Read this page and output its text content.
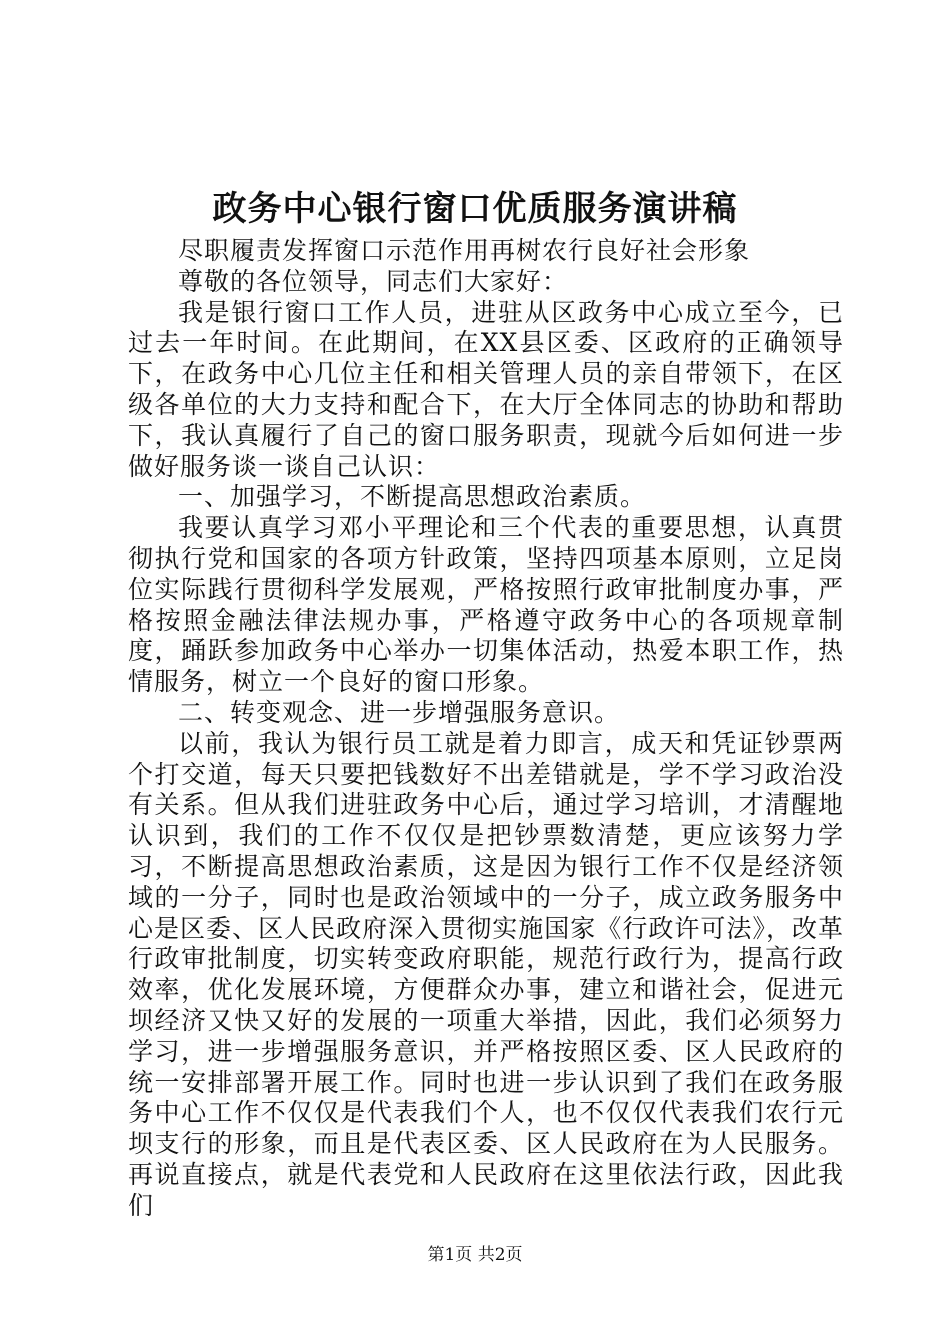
政务中心银行窗口优质服务演讲稿

尽职履责发挥窗口示范作用再树农行良好社会形象

尊敬的各位领导，同志们大家好：

我是银行窗口工作人员，进驻从区政务中心成立至今，已过去一年时间。在此期间，在XX县区委、区政府的正确领导下，在政务中心几位主任和相关管理人员的亲自带领下，在区级各单位的大力支持和配合下，在大厅全体同志的协助和帮助下，我认真履行了自己的窗口服务职责，现就今后如何进一步做好服务谈一谈自己认识：

一、加强学习，不断提高思想政治素质。

我要认真学习邓小平理论和三个代表的重要思想，认真贯彻执行党和国家的各项方针政策，坚持四项基本原则，立足岗位实际践行贯彻科学发展观，严格按照行政审批制度办事，严格按照金融法律法规办事，严格遵守政务中心的各项规章制度，踊跃参加政务中心举办一切集体活动，热爱本职工作，热情服务，树立一个良好的窗口形象。

二、转变观念、进一步增强服务意识。

以前，我认为银行员工就是着力即言，成天和凭证钞票两个打交道，每天只要把钱数好不出差错就是，学不学习政治没有关系。但从我们进驻政务中心后，通过学习培训，才清醒地认识到，我们的工作不仅仅是把钞票数清楚，更应该努力学习，不断提高思想政治素质，这是因为银行工作不仅是经济领域的一分子，同时也是政治领域中的一分子，成立政务服务中心是区委、区人民政府深入贯彻实施国家《行政许可法》，改革行政审批制度，切实转变政府职能，规范行政行为，提高行政效率，优化发展环境，方便群众办事，建立和谐社会，促进元坝经济又快又好的发展的一项重大举措，因此，我们必须努力学习，进一步增强服务意识，并严格按照区委、区人民政府的统一安排部署开展工作。同时也进一步认识到了我们在政务服务中心工作不仅仅是代表我们个人，也不仅仅代表我们农行元坝支行的形象，而且是代表区委、区人民政府在为人民服务。再说直接点，就是代表党和人民政府在这里依法行政，因此我们

第1页 共2页
